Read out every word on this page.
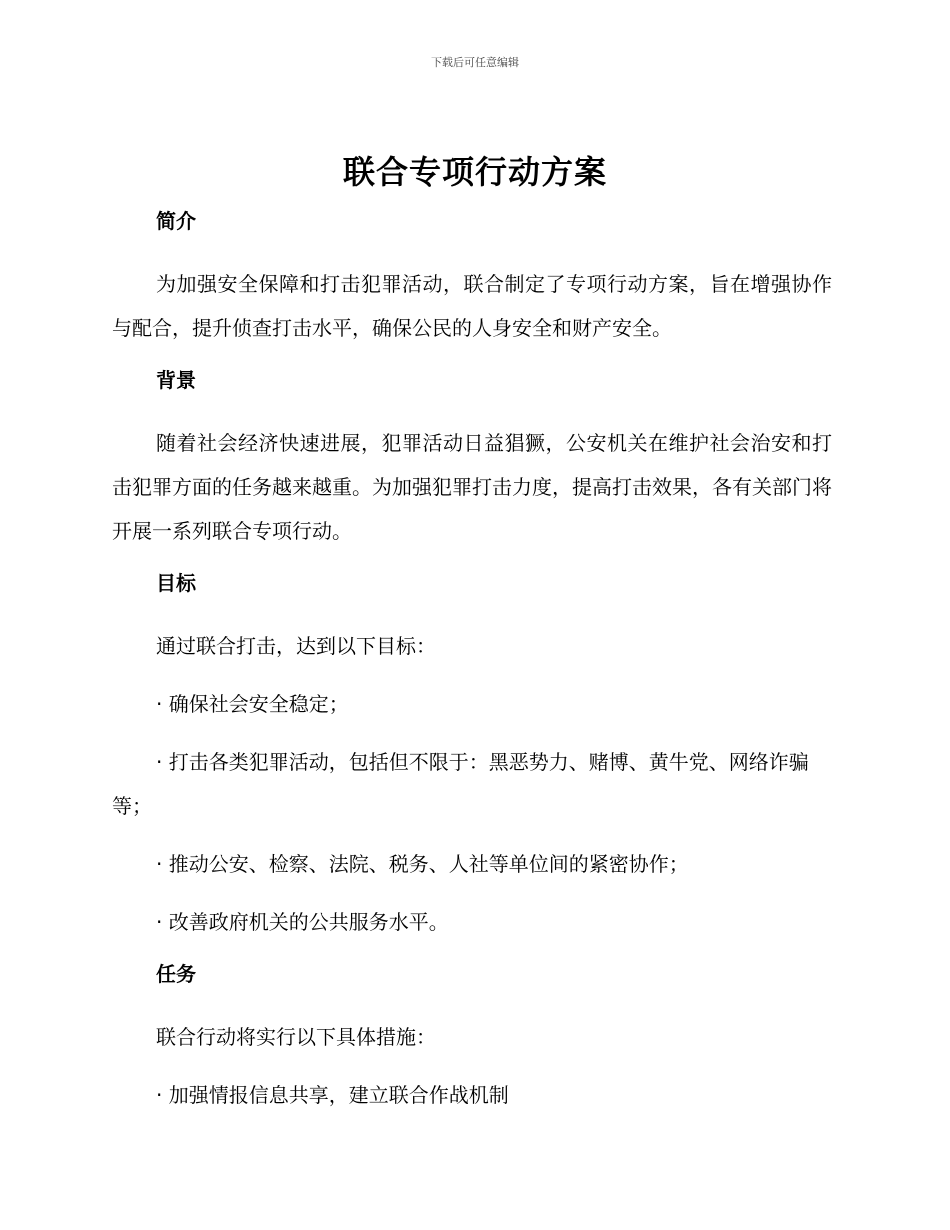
下载后可任意编辑
联合专项行动方案
简介

为加强安全保障和打击犯罪活动，联合制定了专项行动方案，旨在增强协作与配合，提升侦查打击水平，确保公民的人身安全和财产安全。

背景

随着社会经济快速进展，犯罪活动日益猖獗，公安机关在维护社会治安和打击犯罪方面的任务越来越重。为加强犯罪打击力度，提高打击效果，各有关部门将开展一系列联合专项行动。

目标

通过联合打击，达到以下目标：

· 确保社会安全稳定；

· 打击各类犯罪活动，包括但不限于：黑恶势力、赌博、黄牛党、网络诈骗等；

· 推动公安、检察、法院、税务、人社等单位间的紧密协作；

· 改善政府机关的公共服务水平。

任务

联合行动将实行以下具体措施：

· 加强情报信息共享，建立联合作战机制
